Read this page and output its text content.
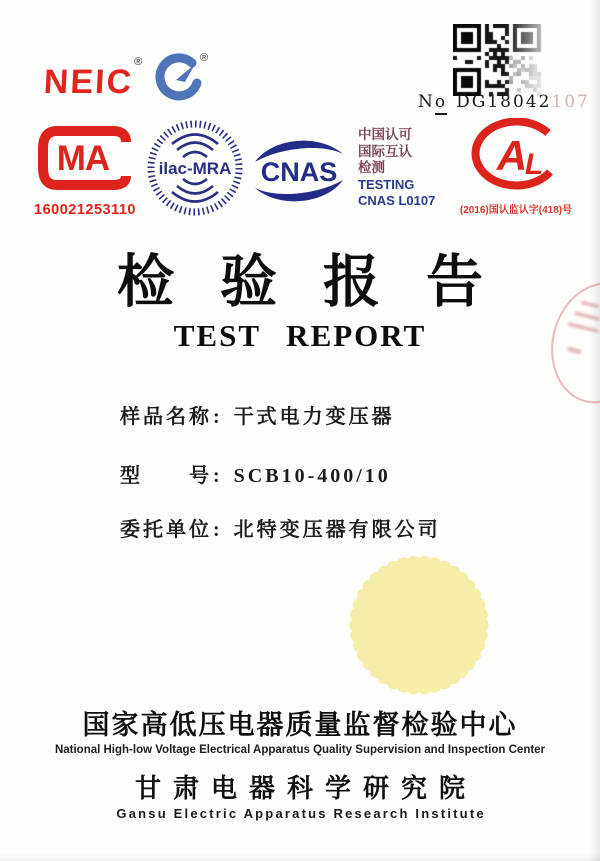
NEIC®	®
No DG18042107
MA
160021253110
ilac-MRA CNAS
中国认可
国际互认
检测
TESTING
CNAS L0107
A
L
(2016)国认监认字(418)号
检验报告
TEST REPORT
样品名称: 干式电力变压器
型　　号: SCB10-400/10
委托单位: 北特变压器有限公司
国家高低压电器质量监督检验中心
National High-low Voltage Electrical Apparatus Quality Supervision and Inspection Center
甘肃电器科学研究院
Gansu Electric Apparatus Research Institute
